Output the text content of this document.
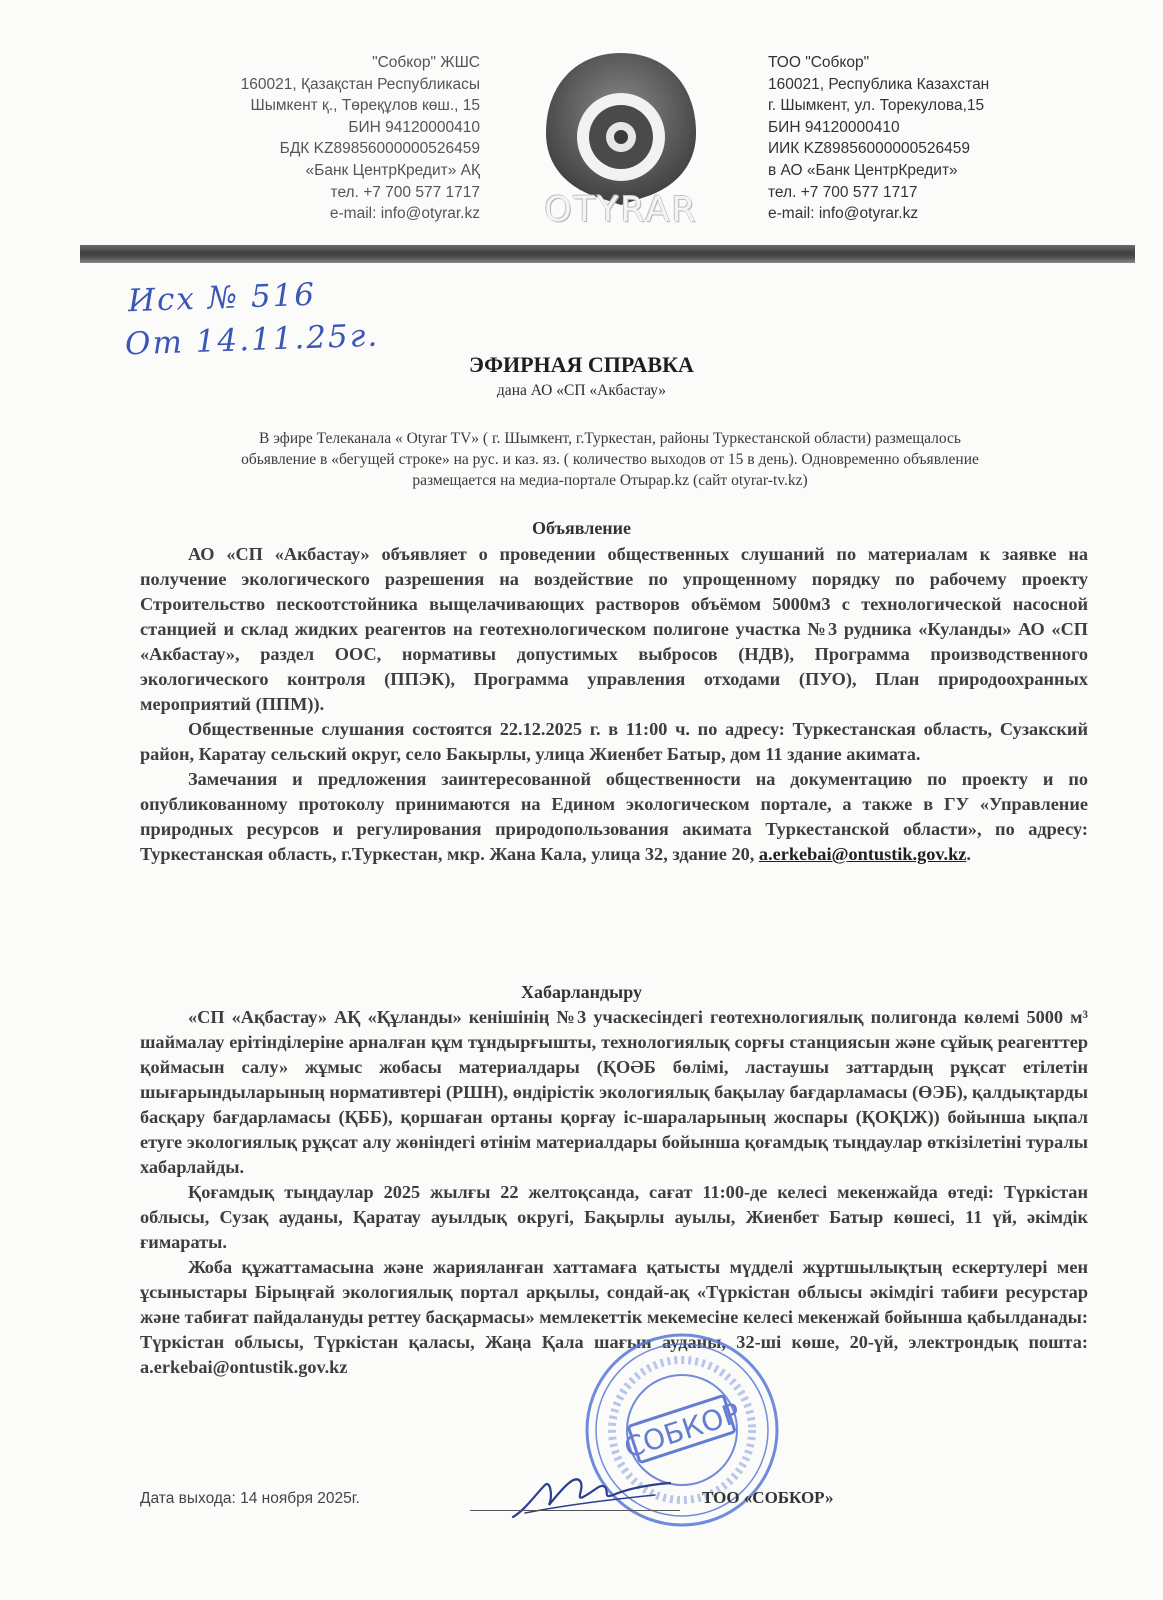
"Собкор" ЖШС
160021, Қазақстан Республикасы
Шымкент қ., Төреқұлов көш., 15
БИН 94120000410
БДК KZ89856000000526459
«Банк ЦентрКредит» АҚ
тел. +7 700 577 1717
e-mail: info@otyrar.kz OTYRAR
ТОО "Собкор"
160021, Республика Казахстан
г. Шымкент, ул. Торекулова,15
БИН 94120000410
ИИК KZ89856000000526459
в АО «Банк ЦентрКредит»
тел. +7 700 577 1717
e-mail: info@otyrar.kz
Исх № 516
От 14.11.25г.
ЭФИРНАЯ СПРАВКА
дана АО «СП «Акбастау»
В эфире Телеканала « Otyrar TV» ( г. Шымкент, г.Туркестан, районы Туркестанской области) размещалось
обьявление в «бегущей строке» на рус. и каз. яз. ( количество выходов от 15 в день). Одновременно объявление
размещается на медиа-портале Отырар.kz (сайт otyrar-tv.kz)
Объявление

АО «СП «Акбастау» объявляет о проведении общественных слушаний по материалам к заявке на получение экологического разрешения на воздействие по упрощенному порядку по рабочему проекту Строительство пескоотстойника выщелачивающих растворов объёмом 5000м3 с технологической насосной станцией и склад жидких реагентов на геотехнологическом полигоне участка №3 рудника «Куланды» АО «СП «Акбастау», раздел ООС, нормативы допустимых выбросов (НДВ), Программа производственного экологического контроля (ППЭК), Программа управления отходами (ПУО), План природоохранных мероприятий (ППМ)).

Общественные слушания состоятся 22.12.2025 г. в 11:00 ч. по адресу: Туркестанская область, Сузакский район, Каратау сельский округ, село Бакырлы, улица Жиенбет Батыр, дом 11 здание акимата.

Замечания и предложения заинтересованной общественности на документацию по проекту и по опубликованному протоколу принимаются на Едином экологическом портале, а также в ГУ «Управление природных ресурсов и регулирования природопользования акимата Туркестанской области», по адресу: Туркестанская область, г.Туркестан, мкр. Жана Кала, улица 32, здание 20, a.erkebai@ontustik.gov.kz.

Хабарландыру

«СП «Ақбастау» АҚ «Құланды» кенішінің №3 учаскесіндегі геотехнологиялық полигонда көлемі 5000 м³ шаймалау ерітінділеріне арналған құм тұндырғышты, технологиялық сорғы станциясын және сұйық реагенттер қоймасын салу» жұмыс жобасы материалдары (ҚОӘБ бөлімі, ластаушы заттардың рұқсат етілетін шығарындыларының нормативтері (РШН), өндірістік экологиялық бақылау бағдарламасы (ӨЭБ), қалдықтарды басқару бағдарламасы (ҚББ), қоршаған ортаны қорғау іс-шараларының жоспары (ҚОҚІЖ)) бойынша ықпал етуге экологиялық рұқсат алу жөніндегі өтінім материалдары бойынша қоғамдық тыңдаулар өткізілетіні туралы хабарлайды.

Қоғамдық тыңдаулар 2025 жылғы 22 желтоқсанда, сағат 11:00-де келесі мекенжайда өтеді: Түркістан облысы, Сузақ ауданы, Қаратау ауылдық округі, Бақырлы ауылы, Жиенбет Батыр көшесі, 11 үй, әкімдік ғимараты.

Жоба құжаттамасына және жарияланған хаттамаға қатысты мүдделі жұртшылықтың ескертулері мен ұсыныстары Бірыңғай экологиялық портал арқылы, сондай-ақ «Түркістан облысы әкімдігі табиғи ресурстар және табиғат пайдалануды реттеу басқармасы» мемлекеттік мекемесіне келесі мекенжай бойынша қабылданады: Түркістан облысы, Түркістан қаласы, Жаңа Қала шағын ауданы, 32-ші көше, 20-үй, электрондық пошта: a.erkebai@ontustik.gov.kz

СОБКОР
Дата выхода: 14 ноября 2025г.	ТОО «СОБКОР»
